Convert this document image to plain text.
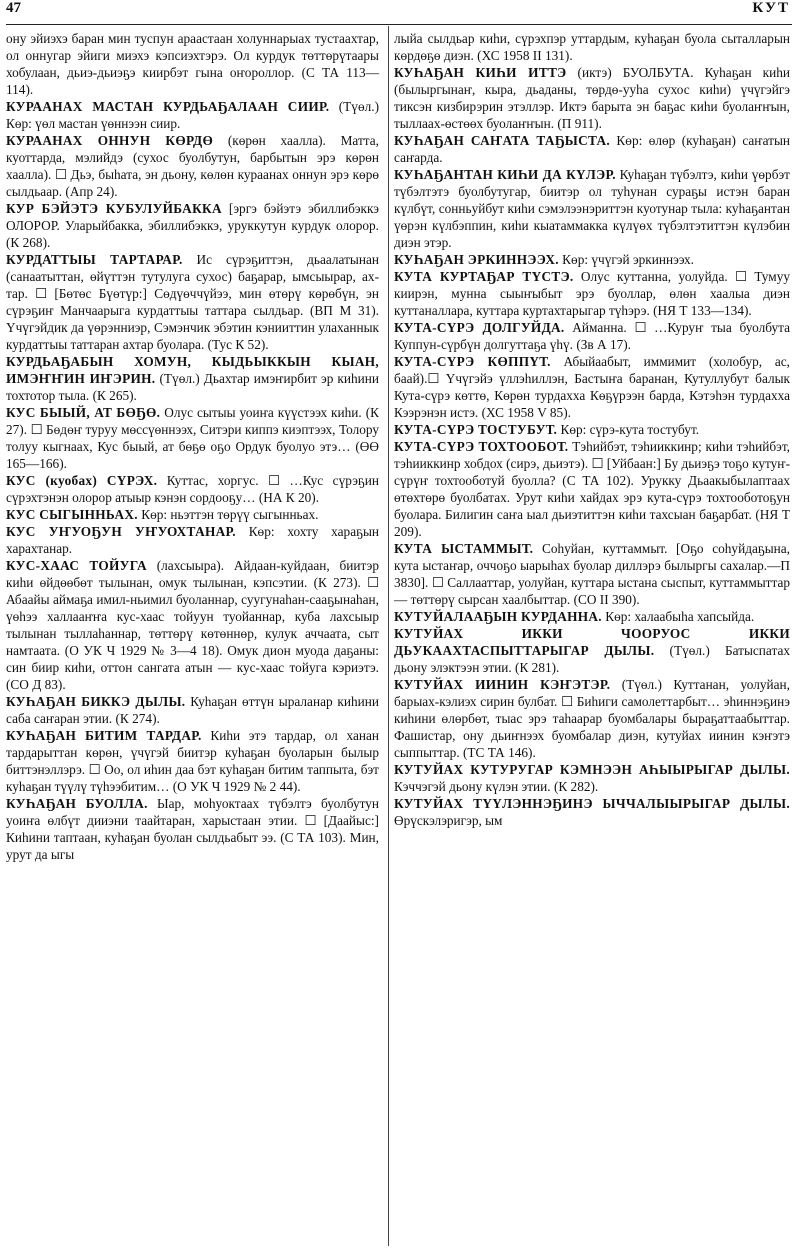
47	КУТ

ону эйиэхэ баран мин туспун араастаан холуннарыах тустаахтар, ол оннугар эйиги миэхэ кэпсиэхтэрэ. Ол курдук төттөрүтаары хобулаан, дьиэ-дьиэҕэ киирбэт гына оҥороллор. (С ТА 113—114).

КУРААНАХ МАСТАН КУРДЬАҔАЛААН СИИР. (Түөл.) Көр: үөл мастан үөннээн сиир.

КУРААНАХ ОННУН КӨРДӨ (көрөн хаалла). Матта, куоттарда, мэлийдэ (сухос буолбутун, барбытын эрэ көрөн хаалла). ☐ Дьэ, быһата, эн дьону, көлөн кураанах оннун эрэ көрө сылдьаар. (Апр 24).

КУР БЭЙЭТЭ КУБУЛУЙБАККА [эргэ бэйэтэ эбиллибэккэ ОЛОРОР. Уларыйбакка, эбиллибэккэ, уруккутун курдук олорор. (К 268).

КУРДАТТЫЫ ТАРТАРАР. Ис сүрэҕиттэн, дьаалатынан (санаатыттан, өйүттэн тутулуга сухос) баҕарар, ымсыырар, ахтар. ☐ [Бөтөс Бүөтүр:] Сөдүөччүйээ, мин өтөрү көрөбүн, эн сүрэҕиҥ Манчаарыга курдаттыы таттара сылдьар. (ВП М 31). Үчүгэйдик да үөрэнниэр, Сэмэнчик эбэтин кэнииттин улаханнык курдаттыы таттаран ахтар буолара. (Тус К 52).

КУРДЬАҔАБЫН ХОМУН, КЫДЬЫККЫН КЫАН, ИМЭҤҤИН ИҤЭРИН. (Түөл.) Дьахтар имэҥирбит эр киһини тохтотор тыла. (К 265).

КУС БЫЫЙ, АТ БӨҔӨ. Олус сытыы уоиҥа күүстээх киһи. (К 27). ☐ Бөдөҥ туруу мөссүөннээх, Ситэри киппэ киэптээх, Толору толуу кыгнаах, Кус быый, ат бөҕө оҕо Ордук буолуо этэ… (ӨӨ 165—166).

КУС (куобах) СҮРЭХ. Куттас, хоргус. ☐ …Кус сүрэҕин сүрэхтэнэн олорор атыыр кэнэн сордооҕу… (НА К 20).

КУС СЫГЫННЬАХ. Көр: ньэттэн төрүү сыгынньах.

КУС УҤУОҔУН УҤУОХТАНАР. Көр: хохту хараҕын харахтанар.

КУС-ХААС ТОЙУГА (лахсыыра). Айдаан-куйдаан, биитэр киһи өйдөөбөт тылынан, омук тылынан, кэпсэтии. (К 273). ☐ Абаайы аймаҕа имил-ньимил буоланнар, суугунаһан-сааҕынаһан, үөһээ халлааҥҥа кус-хаас тойуун туойаннар, куба лахсыыр тылынан тыллаһаннар, төттөрү көтөннөр, кулук аччаата, сыт намтаата. (О УК Ч 1929 № 3—4 18). Омук дион муода даҕаны: син биир киһи, оттон сангата атын — кус-хаас тойуга кэриэтэ. (СО Д 83).

КУҺАҔАН БИККЭ ДЫЛЫ. Куһаҕан өттүн ыраланар киһини саба саҥаран этии. (К 274).

КУҺАҔАН БИТИМ ТАРДАР. Киһи этэ тардар, ол ханан тардарыттан көрөн, үчүгэй биитэр куһаҕан буоларын былыр биттэнэллэрэ. ☐ Оо, ол иһин даа бэт куһаҕан битим таппыта, бэт куһаҕан түүлү түһээбитим… (О УК Ч 1929 № 2 44).

КУҺАҔАН БУОЛЛА. Ыар, моһуоктаах түбэлтэ буолбутун уоиҥа өлбүт дииэни таайтаран, харыстаан этии. ☐ [Даайыс:] Киһини таптаан, куһаҕан буолан сылдьабыт ээ. (С ТА 103). Мин, урут да ыгы

лыйа сылдьар киһи, сүрэхпэр уттардым, куһаҕан буола сыталларын көрдөҕө диэн. (ХС 1958 II 131).

КУҺАҔАН КИҺИ ИТТЭ (иктэ) БУОЛБУТА. Куһаҕан киһи (былыргынаҥ, кыра, дьаданы, төрдө-ууһа сухос киһи) үчүгэйгэ тиксэн кизбирэрин этэллэр. Иктэ барыта эн баҕас киһи буолаҥҥын, тыллаах-өстөөх буолаҥҥын. (П 911).

КУҺАҔАН САҤАТА ТАҔЫСТА. Көр: өлөр (куһаҕан) саҥатын саҥарда.

КУҺАҔАНТАН КИҺИ ДА КҮЛЭР. Куһаҕан түбэлтэ, киһи үөрбэт түбэлтэтэ буолбутугар, биитэр ол туһунан сураҕы истэн баран күлбүт, сонньуйбут киһи сэмэлээнэриттэн куотунар тыла: куһаҕантан үөрэн күлбэппин, киһи кыатаммакка күлүөх түбэлтэтиттэн күлэбин диэн этэр.

КУҺАҔАН ЭРКИННЭЭХ. Көр: үчүгэй эркиннээх.

КУТА КУРТАҔАР ТҮСТЭ. Олус куттанна, уолуйда. ☐ Тумуу киирэн, мунна сыыҥыбыт эрэ буоллар, өлөн хаалыа диэн куттаналлара, куттара куртахтарыгар түһэрэ. (НЯ Т 133—134).

КУТА-СҮРЭ ДОЛГУЙДА. Айманна. ☐ …Куруҥ тыа буолбута Куппун-сүрбүн долгуттаҕа үһү. (Зв А 17).

КУТА-СҮРЭ КӨППҮТ. Абыйаабыт, иммимит (холобур, ас, баай).☐ Үчүгэйэ үллэһиллэн, Бастыҥа баранан, Кутуллубут балык Кута-сүрэ көттө, Көрөн турдахха Көҕүрээн барда, Кэтэһэн турдахха Кээрэнэн истэ. (ХС 1958 V 85).

КУТА-СҮРЭ ТОСТУБУТ. Көр: сүрэ-кута тостубут.

КУТА-СҮРЭ ТОХТООБОТ. Тэһийбэт, тэһииккинр; киһи тэһийбэт, тэһииккинр хобдох (сирэ, дьиэтэ). ☐ [Уйбаан:] Бу дьиэҕэ тоҕо кутуҥ-сүрүҥ тохтооботуй буолла? (С ТА 102). Урукку Дьаакыбылаптаах өтөхтөрө буолбатах. Урут киһи хайдах эрэ кута-сүрэ тохтооботоҕун буолара. Билигин саҥа ыал дьиэтиттэн киһи тахсыан баҕарбат. (НЯ Т 209).

КУТА ЫСТАММЫТ. Соһуйан, куттаммыт. [Оҕо соһуйдаҕына, кута ыстаҥар, оччоҕо ыарыһах буолар диллэрэ былыргы сахалар.—П 3830]. ☐ Саллааттар, уолуйан, куттара ыстана сыспыт, куттаммыттар — төттөрү сырсан хаалбыттар. (СО II 390).

КУТУЙАЛААҔЫН КУРДАННА. Көр: халаабыһа хапсыйда.

КУТУЙАХ ИККИ ЧООРУОС ИККИ ДЬУКААХТАСПЫТТАРЫГАР ДЫЛЫ. (Түөл.) Батыспатах дьону элэктээн этии. (К 281).

КУТУЙАХ ИИНИН КЭҤЭТЭР. (Түөл.) Куттанан, уолуйан, барыах-кэлиэх сирин булбат. ☐ Биһиги самолеттарбыт… эһиннэҕинэ киһини өлөрбөт, тыас эрэ таһаарар буомбалары быраҕаттаабыттар. Фашистар, ону дьиҥнээх буомбалар диэн, кутуйах иинин кэҥэтэ сыппыттар. (ТС ТА 146).

КУТУЙАХ КУТУРУГАР КЭМНЭЭН АҺЫЫРЫГАР ДЫЛЫ. Кэччэгэй дьону күлэн этии. (К 282).

КУТУЙАХ ТҮҮЛЭННЭҔИНЭ ЫЧЧАЛЫЫРЫГАР ДЫЛЫ. Өрүскэлэригэр, ым
